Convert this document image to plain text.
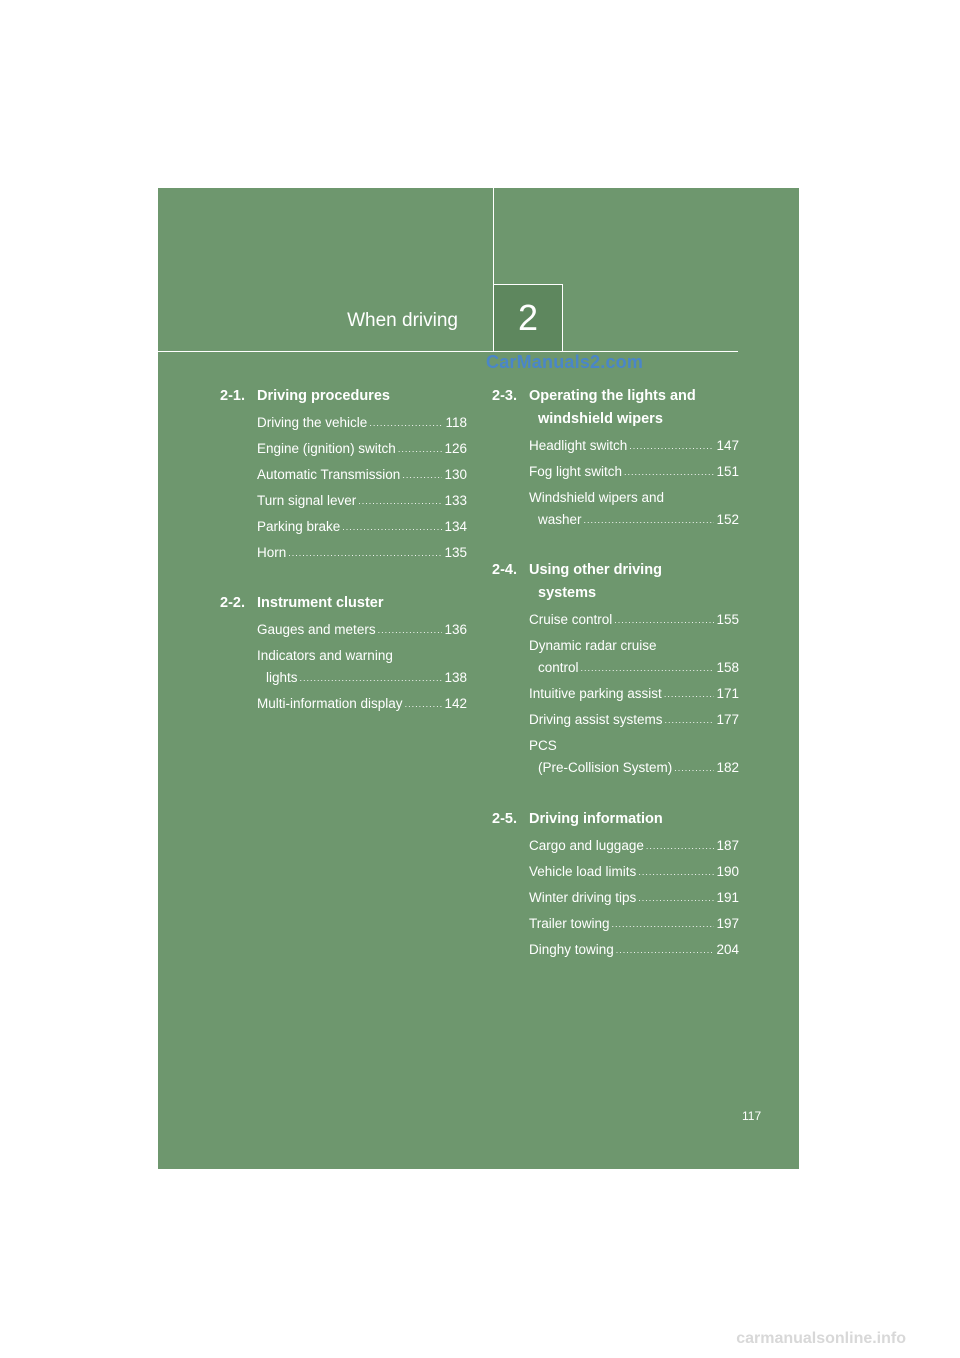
When driving	2
CarManuals2.com
2-1. Driving procedures
Driving the vehicle .....	118
Engine (ignition) switch .....	126
Automatic Transmission .....	130
Turn signal lever .....	133
Parking brake .....	134
Horn .....	135
2-2. Instrument cluster
Gauges and meters .....	136
Indicators and warning
lights .....	138
Multi-information display .....	142
2-3. Operating the lights and
windshield wipers
Headlight switch .....	147
Fog light switch .....	151
Windshield wipers and
washer .....	152
2-4. Using other driving
systems
Cruise control .....	155
Dynamic radar cruise
control .....	158
Intuitive parking assist .....	171
Driving assist systems .....	177
PCS
(Pre-Collision System) .....	182
2-5. Driving information
Cargo and luggage .....	187
Vehicle load limits .....	190
Winter driving tips .....	191
Trailer towing .....	197
Dinghy towing .....	204
117
carmanualsonline.info
